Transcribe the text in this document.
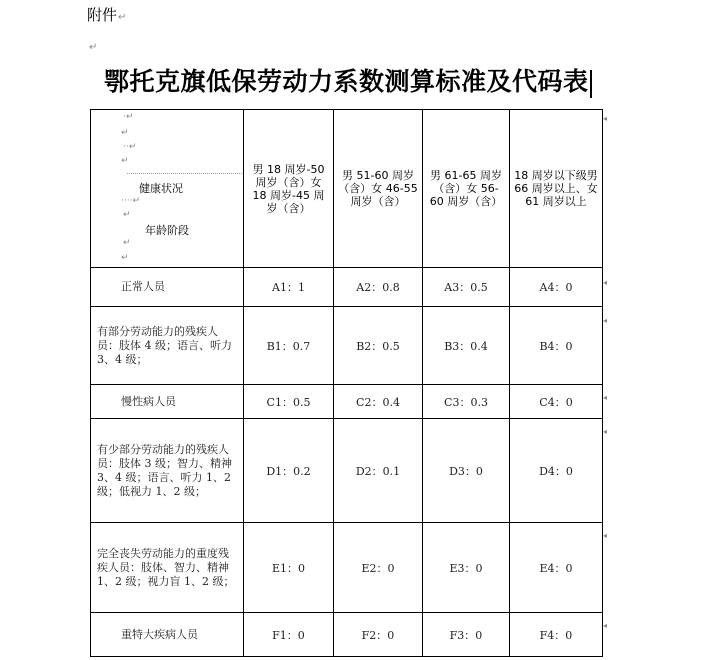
附件↵
↵
鄂托克旗低保劳动力系数测算标准及代码表
·↵
↵
··↵
↵
健康状况
····↵
↵
年龄阶段
↵
↵
	男 18 周岁-50 周岁（含）女 18 周岁-45 周岁（含）	男 51-60 周岁（含）女 46-55 周岁（含）	男 61-65 周岁（含）女 56-60 周岁（含）	18 周岁以下级男 66 周岁以上、女 61 周岁以上
正常人员	A1：1	A2：0.8	A3：0.5	A4：0
有部分劳动能力的残疾人员：肢体 4 级；语言、听力 3、4 级；	B1：0.7	B2：0.5	B3：0.4	B4：0
慢性病人员	C1：0.5	C2：0.4	C3：0.3	C4：0
有少部分劳动能力的残疾人员：肢体 3 级；智力、精神 3、4 级；语言、听力 1、2 级；低视力 1、2 级；	D1：0.2	D2：0.1	D3：0	D4：0
完全丧失劳动能力的重度残疾人员：肢体、智力、精神 1、2 级；视力盲 1、2 级；	E1：0	E2：0	E3：0	E4：0
重特大疾病人员	F1：0	F2：0	F3：0	F4：0
◂
◂
◂
◂
◂
◂
◂
